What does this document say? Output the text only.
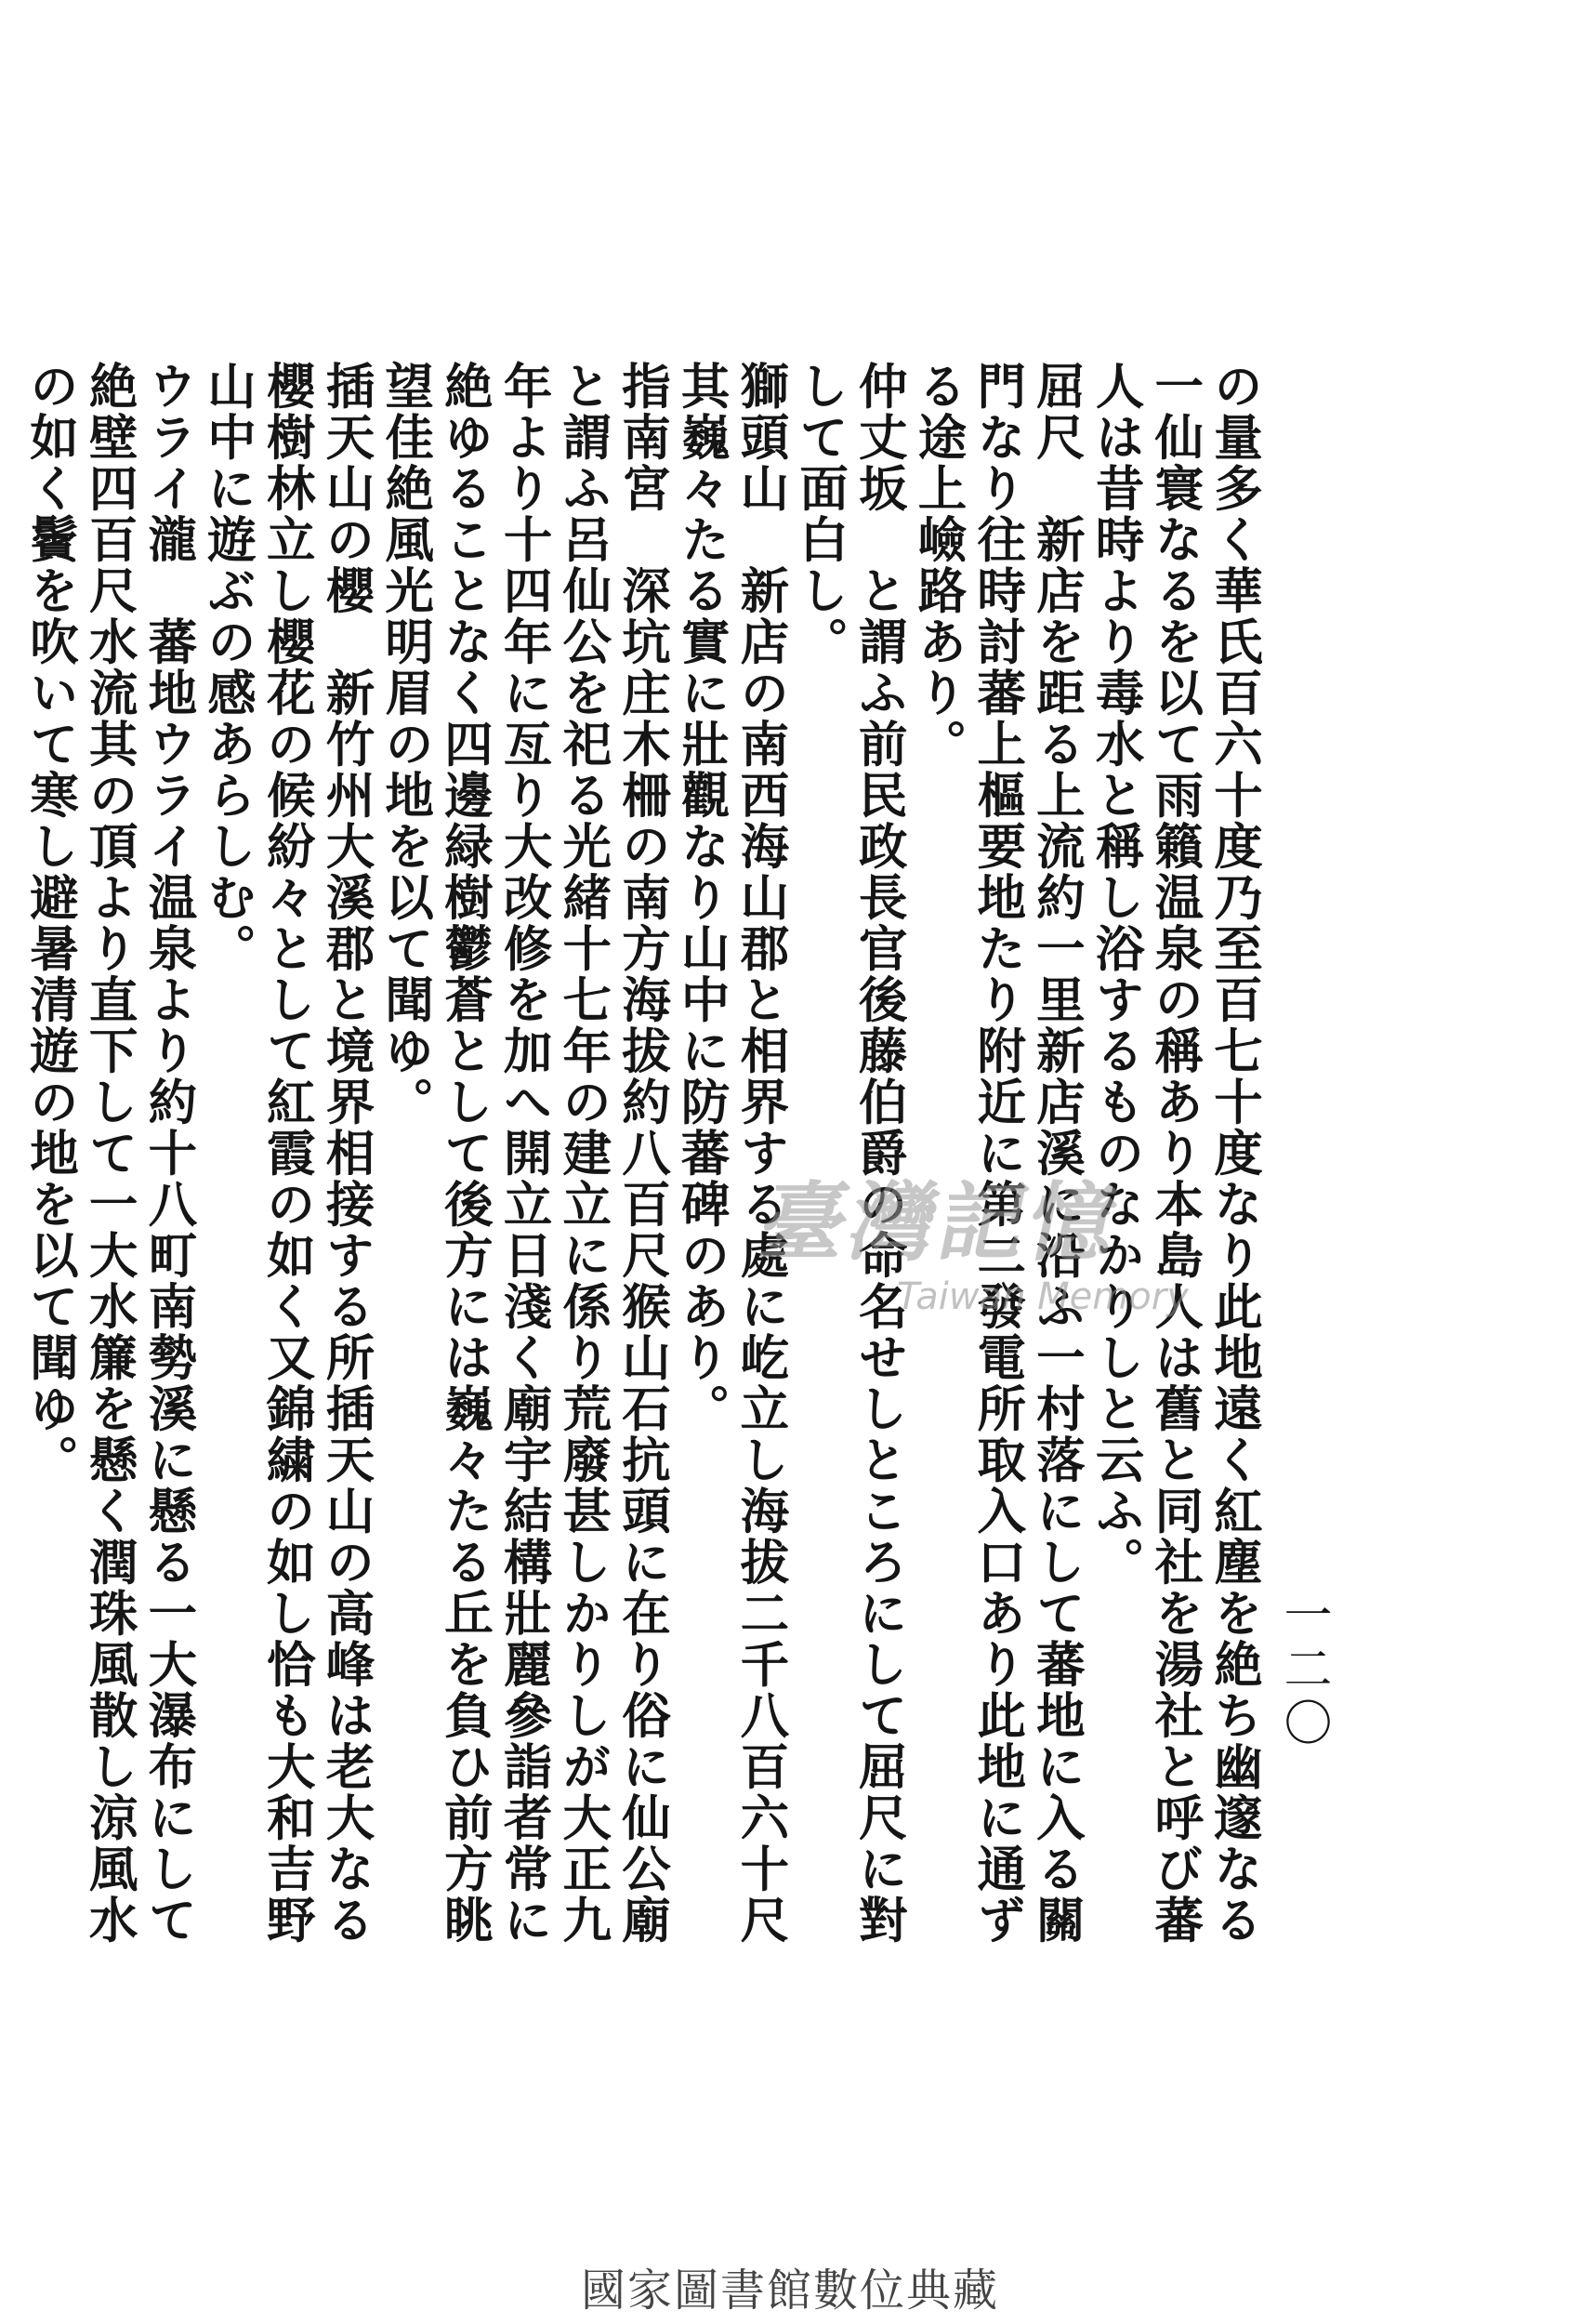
一二〇

の量多く華氏百六十度乃至百七十度なり此地遠く紅塵を絶ち幽邃なる一仙寰なるを以て雨籟温泉の稱あり本島人は舊と同社を湯社と呼び蕃人は昔時より毒水と稱し浴するものなかりしと云ふ。

屈尺　新店を距る上流約一里新店溪に沿ふ一村落にして蕃地に入る關門なり往時討蕃上樞要地たり附近に第二發電所取入口あり此地に通ずる途上嶮路あり。

仲丈坂　と謂ふ前民政長官後藤伯爵の命名せしところにして屈尺に對して面白し。

獅頭山　新店の南西海山郡と相界する處に屹立し海拔二千八百六十尺其巍々たる實に壯觀なり山中に防蕃碑のあり。

指南宮　深坑庄木柵の南方海拔約八百尺猴山石抗頭に在り俗に仙公廟と謂ふ呂仙公を祀る光緒十七年の建立に係り荒廢甚しかりしが大正九年より十四年に亙り大改修を加へ開立日淺く廟宇結構壯麗參詣者常に絶ゆることなく四邊緑樹鬱蒼として後方には巍々たる丘を負ひ前方眺望佳絶風光明眉の地を以て聞ゆ。

插天山の櫻　新竹州大溪郡と境界相接する所插天山の高峰は老大なる櫻樹林立し櫻花の候紛々として紅霞の如く又錦繍の如し恰も大和吉野山中に遊ぶの感あらしむ。

ウライ瀧　蕃地ウライ温泉より約十八町南勢溪に懸る一大瀑布にして絶壁四百尺水流其の頂より直下して一大水簾を懸く潤珠風散し涼風水の如く鬢を吹いて寒し避暑清遊の地を以て聞ゆ。	臺灣記憶
Taiwan Memory
國家圖書館數位典藏
